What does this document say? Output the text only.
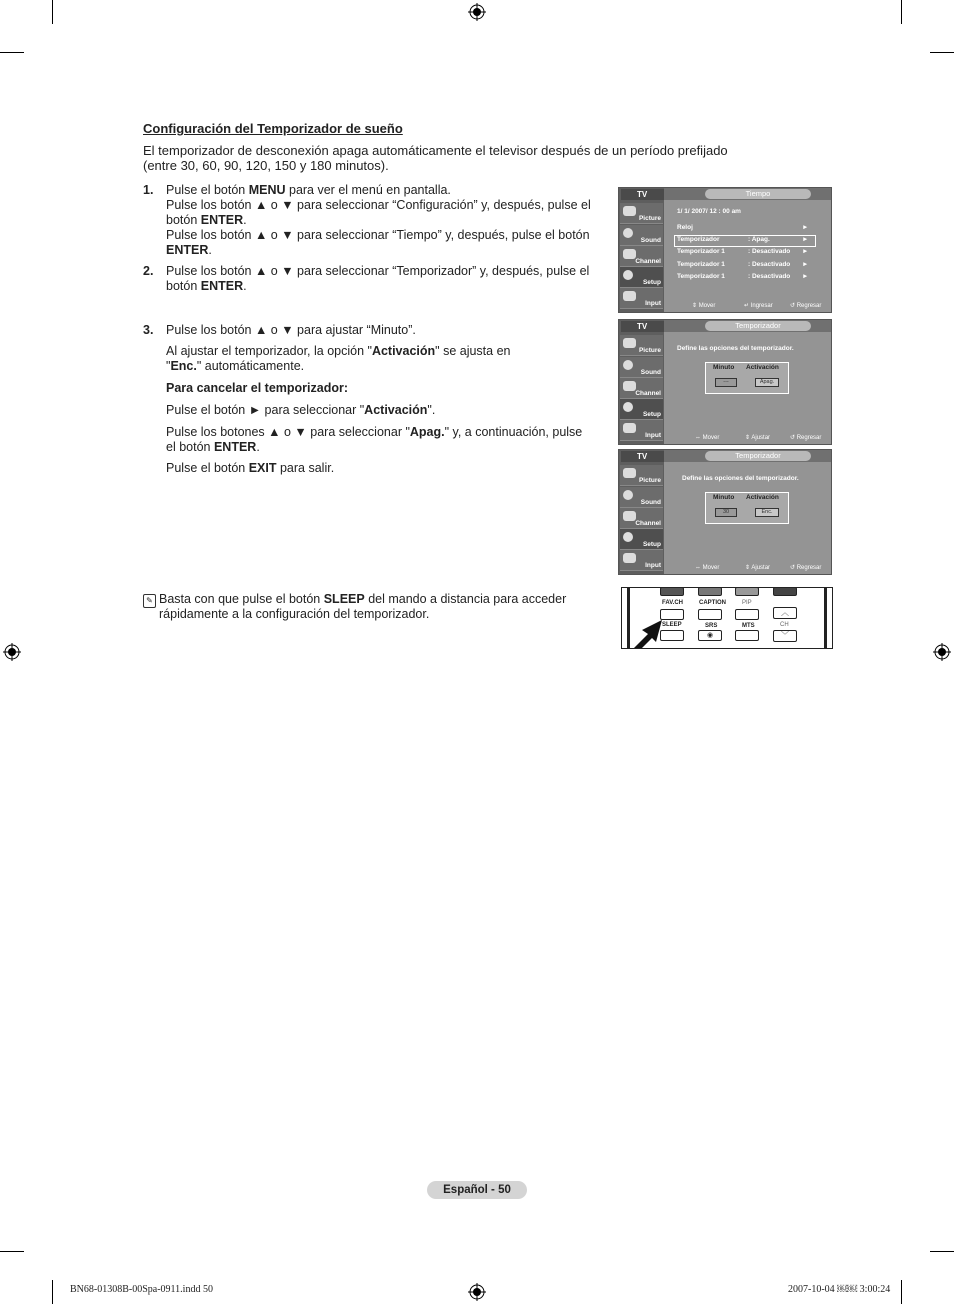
Configuración del Temporizador de sueño
El temporizador de desconexión apaga automáticamente el televisor después de un período prefijado (entre 30, 60, 90, 120, 150 y 180 minutos).
1. Pulse el botón MENU para ver el menú en pantalla.
Pulse los botón ▲ o ▼ para seleccionar “Configuración” y, después, pulse el botón ENTER.
Pulse los botón ▲ o ▼ para seleccionar “Tiempo” y, después, pulse el botón ENTER.
2. Pulse los botón ▲ o ▼ para seleccionar “Temporizador” y, después, pulse el botón ENTER.
3. Pulse los botón ▲ o ▼ para ajustar “Minuto”.
Al ajustar el temporizador, la opción "Activación" se ajusta en "Enc." automáticamente.
Para cancelar el temporizador:
Pulse el botón ► para seleccionar "Activación".
Pulse los botones ▲ o ▼ para seleccionar "Apag." y, a continuación, pulse el botón ENTER.
Pulse el botón EXIT para salir.
TV	Tiempo
Picture
Sound
Channel
Setup
Input
1/ 1/ 2007/ 12 : 00 am
Reloj	►
Temporizador	: Apag.	►
Temporizador 1	: Desactivado ►
Temporizador 1	: Desactivado ►
Temporizador 1	: Desactivado ►
⇕ Mover	↵ Ingresar	↺ Regresar
TV	Temporizador
Picture
Sound
Channel
Setup
Input
Define las opciones del temporizador.
Minuto Activación
---	Apag.
⇔ Mover	⇕ Ajustar	↺ Regresar
TV	Temporizador
Picture
Sound
Channel
Setup
Input
Define las opciones del temporizador.
Minuto Activación
30	Enc.
⇔ Mover	⇕ Ajustar	↺ Regresar
✎ Basta con que pulse el botón SLEEP del mando a distancia para acceder rápidamente a la configuración del temporizador.
FAV.CH	CAPTION	PIP
︿
SLEEP	SRS	MTS	CH
◉	﹀
Español - 50
BN68-01308B-00Spa-0911.indd 50	2007-10-04 ￼￼ 3:00:24
